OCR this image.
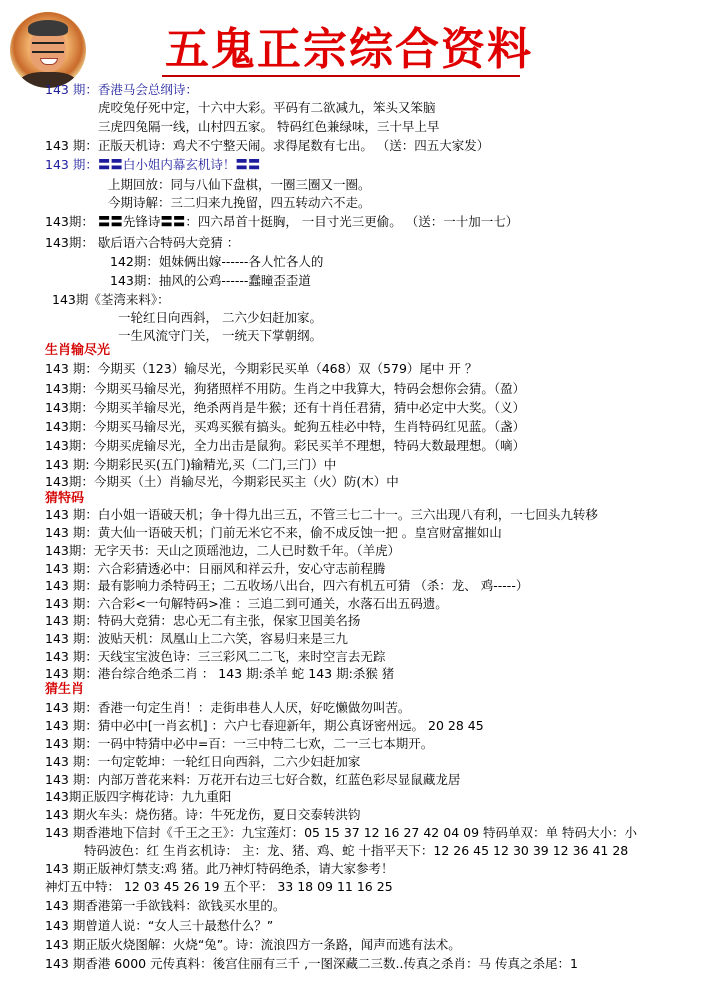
五鬼正宗综合资料
143 期：香港马会总纲诗：
虎咬兔仔死中定，十六中大彩。平码有二欲减九，笨头又笨脑
三虎四兔隔一线，山村四五家。 特码红色兼绿味，三十早上早
143 期：正版天机诗：鸡犬不宁整天闹。求得尾数有七出。 （送：四五大家发）
143 期：〓〓白小姐内幕玄机诗！〓〓
上期回放：同与八仙下盘棋，一圈三圈又一圈。
今期诗解：三二归来九挽留，四五转动六不走。
143期： 〓〓先锋诗〓〓：四六昂首十挺胸， 一目寸光三更偷。 （送：一十加一七）
143期： 歇后语六合特码大竞猜 ：
142期：姐妹俩出嫁------各人忙各人的
143期：抽风的公鸡------蠢瞳歪歪道
143期《荃湾来料》：
一轮红日向西斜， 二六少妇赶加家。
一生风流守门关， 一统天下掌朝纲。
生肖输尽光
143 期：今期买（123）输尽光，今期彩民买单（468）双（579）尾中 开 ？
143期：今期买马输尽光，狗猪照样不用防。生肖之中我算大，特码会想你会猜。（盈）
143期：今期买羊输尽光，绝杀两肖是牛猴；还有十肖任君猜，猜中必定中大奖。（义）
143期：今期买马输尽光，买鸡买猴有搞头。蛇狗五桂必中特，生肖特码红见蓝。（盏）
143期：今期买虎输尽光，全力出击是鼠狗。彩民买羊不理想，特码大数最理想。（嘀）
143 期: 今期彩民买(五门)输精光,买（二门,三门）中
143期：今期买（土）肖输尽光，今期彩民买主（火）防(木）中
猜特码
143 期：白小姐一语破天机；争十得九出三五，不管三七二十一。三六出现八有利，一七回头九转移
143 期：黄大仙一语破天机；门前无米它不来，偷不成反蚀一把 。皇宫财富摧如山
143期：无字天书：天山之顶瑶池边，二人已时数千年。（羊虎）
143 期：六合彩猜透必中：日丽风和祥云升，安心守志前程腾
143 期：最有影响力杀特码王；二五收场八出台，四六有机五可猜 （杀：龙、 鸡-----）
143 期：六合彩<一句解特码>准 ：三追二到可通关，水落石出五码遗。
143 期：特码大竞猜：忠心无二有主张，保家卫国美名扬
143 期：波贴天机：凤凰山上二六笑，容易归来是三九
143 期：天线宝宝波色诗：三三彩风二二飞，来时空言去无踪
143 期：港台综合绝杀二肖 ： 143 期:杀羊 蛇 143 期:杀猴 猪
猜生肖
143 期：香港一句定生肖！：走街串巷人人厌，好吃懒做勿叫苦。
143 期：猜中必中[一肖玄机] ：六户七春迎新年，期公真讶密州远。 20 28 45
143 期：一码中特猜中必中=百：一三中特二七欢，二一三七本期开。
143 期：一句定乾坤：一轮红日向西斜，二六少妇赶加家
143 期：内部万普花来料：万花开右边三七好合数，红蓝色彩尽显鼠藏龙居
143期正版四字梅花诗：九九重阳
143 期火车头：烧伤猪。诗：牛死龙伤，夏日交泰转洪钧
143 期香港地下信封《千王之王》：九宝莲灯：05 15 37 12 16 27 42 04 09 特码单双：单 特码大小：小
特码波色：红 生肖玄机诗： 主：龙、猪、鸡、蛇 十指平天下：12 26 45 12 30 39 12 36 41 28
143 期正版神灯禁支:鸡 猪。此乃神灯特码绝杀，请大家参考！
神灯五中特： 12 03 45 26 19 五个平： 33 18 09 11 16 25
143 期香港第一手欲钱料：欲钱买水里的。
143 期曾道人说：“女人三十最愁什么？”
143 期正版火烧图解：火烧“兔”。诗：流浪四方一条路，闻声而逃有法术。
143 期香港 6000 元传真料：後宫住丽有三千 ,一图深藏二三数..传真之杀肖：马 传真之杀尾：1
